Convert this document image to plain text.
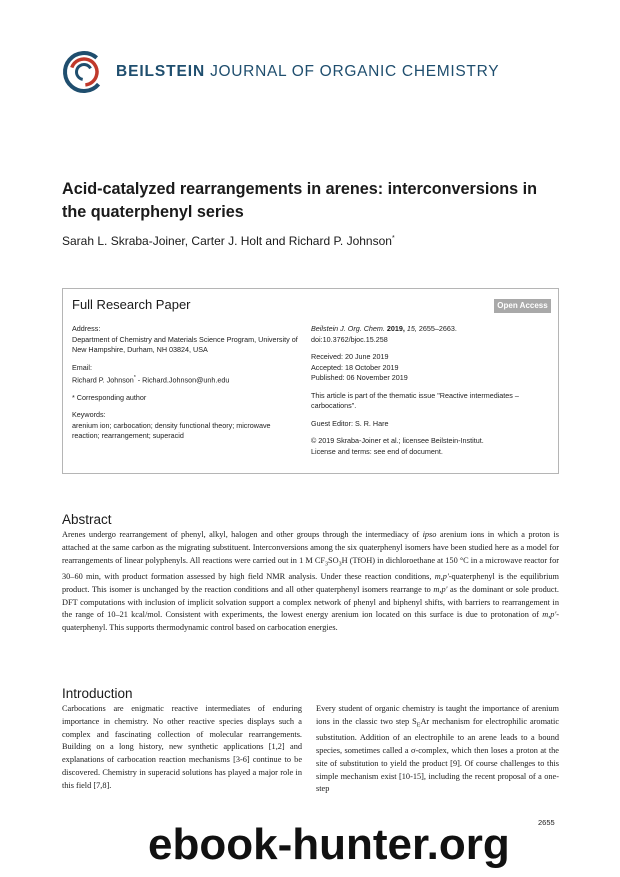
BEILSTEIN JOURNAL OF ORGANIC CHEMISTRY
Acid-catalyzed rearrangements in arenes: interconversions in the quaterphenyl series
Sarah L. Skraba-Joiner, Carter J. Holt and Richard P. Johnson*
Full Research Paper	Open Access
Address:
Department of Chemistry and Materials Science Program, University of New Hampshire, Durham, NH 03824, USA
Email:
Richard P. Johnson* - Richard.Johnson@unh.edu
* Corresponding author
Keywords:
arenium ion; carbocation; density functional theory; microwave reaction; rearrangement; superacid
Beilstein J. Org. Chem. 2019, 15, 2655–2663.
doi:10.3762/bjoc.15.258
Received: 20 June 2019
Accepted: 18 October 2019
Published: 06 November 2019
This article is part of the thematic issue "Reactive intermediates – carbocations".
Guest Editor: S. R. Hare
© 2019 Skraba-Joiner et al.; licensee Beilstein-Institut.
License and terms: see end of document.
Abstract
Arenes undergo rearrangement of phenyl, alkyl, halogen and other groups through the intermediacy of ipso arenium ions in which a proton is attached at the same carbon as the migrating substituent. Interconversions among the six quaterphenyl isomers have been studied here as a model for rearrangements of linear polyphenyls. All reactions were carried out in 1 M $CF_3SO_3H$ (TfOH) in dichloroethane at 150 °C in a microwave reactor for 30–60 min, with product formation assessed by high field NMR analysis. Under these reaction conditions, m,p'-quaterphenyl is the equilibrium product. This isomer is unchanged by the reaction conditions and all other quaterphenyl isomers rearrange to m,p' as the dominant or sole product. DFT computations with inclusion of implicit solvation support a complex network of phenyl and biphenyl shifts, with barriers to rearrangement in the range of 10–21 kcal/mol. Consistent with experiments, the lowest energy arenium ion located on this surface is due to protonation of m,p'-quaterphenyl. This supports thermodynamic control based on carbocation energies.
Introduction
Carbocations are enigmatic reactive intermediates of enduring importance in chemistry. No other reactive species displays such a complex and fascinating collection of molecular rearrangements. Building on a long history, new synthetic applications [1,2] and explanations of carbocation reaction mechanisms [3-6] continue to be discovered. Chemistry in superacid solutions has played a major role in this field [7,8].
Every student of organic chemistry is taught the importance of arenium ions in the classic two step $S_EAr$ mechanism for electrophilic aromatic substitution. Addition of an electrophile to an arene leads to a bound species, sometimes called a σ-complex, which then loses a proton at the site of substitution to yield the product [9]. Of course challenges to this simple mechanism exist [10-15], including the recent proposal of a one-step
2655
ebook-hunter.org
